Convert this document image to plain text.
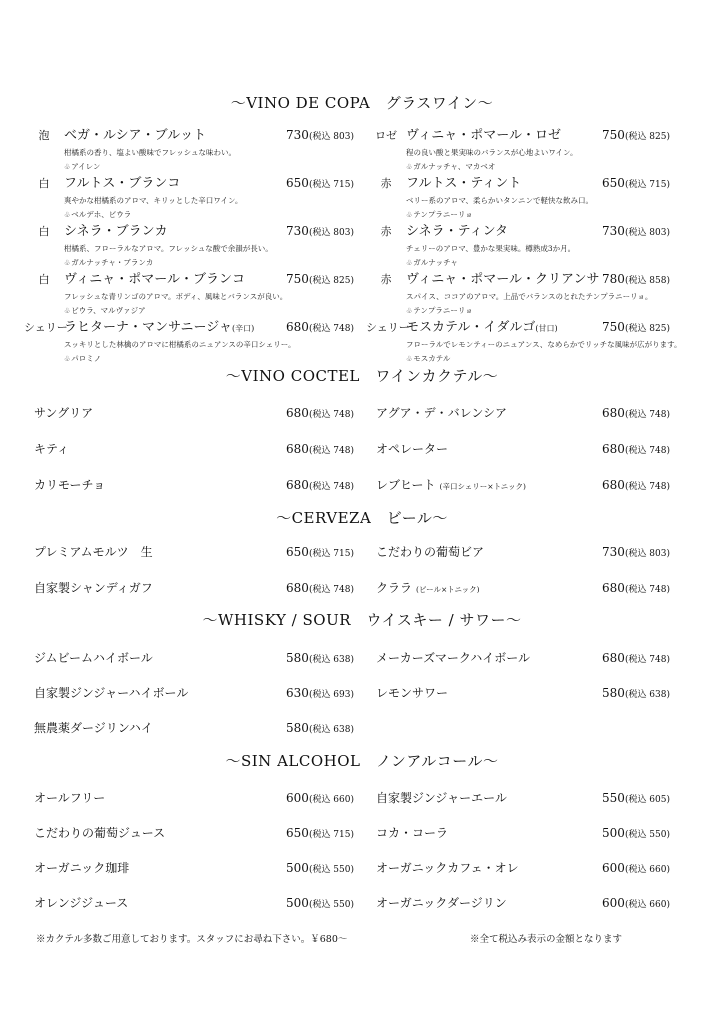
～VINO DE COPA　グラスワイン～
泡	ベガ・ルシア・ブルット	730(税込 803)
柑橘系の香り、塩よい酸味でフレッシュな味わい。
♧アイレン
白	フルトス・ブランコ	650(税込 715)
爽やかな柑橘系のアロマ、キリッとした辛口ワイン。
♧ベルデホ、ビウラ
白	シネラ・ブランカ	730(税込 803)
柑橘系、フローラルなアロマ。フレッシュな酸で余韻が長い。
♧ガルナッチャ・ブランカ
白	ヴィニャ・ポマール・ブランコ	750(税込 825)
フレッシュな青リンゴのアロマ。ボディ、風味とバランスが良い。
♧ビウラ、マルヴァジア
シェリー
ラヒターナ・マンサニージャ(辛口)	680(税込 748)
スッキリとした林檎のアロマに柑橘系のニュアンスの辛口シェリー。
♧パロミノ
ロゼ ヴィニャ・ポマール・ロゼ	750(税込 825)
程の良い酸と果実味のバランスが心地よいワイン。
♧ガルナッチャ、マカベオ
赤	フルトス・ティント	650(税込 715)
ベリー系のアロマ、柔らかいタンニンで軽快な飲み口。
♧テンプラニーリョ
赤	シネラ・ティンタ	730(税込 803)
チェリーのアロマ、豊かな果実味。樽熟成3か月。
♧ガルナッチャ
赤	ヴィニャ・ポマール・クリアンサ 780(税込 858)
スパイス、ココアのアロマ。上品でバランスのとれたテンプラニーリョ。
♧テンプラニーリョ
シェリー
モスカテル・イダルゴ(甘口)	750(税込 825)
フローラルでレモンティーのニュアンス、なめらかでリッチな風味が広がります。
♧モスカテル
～VINO COCTEL　ワインカクテル～
サングリア	680(税込 748)
キティ	680(税込 748)
カリモーチョ	680(税込 748)
アグア・デ・バレンシア	680(税込 748)
オペレーター	680(税込 748)
レブヒート (辛口シェリー×トニック)	680(税込 748)
～CERVEZA　ビール～
プレミアムモルツ　生	650(税込 715)
自家製シャンディガフ	680(税込 748)
こだわりの葡萄ビア	730(税込 803)
クララ (ビール×トニック)	680(税込 748)
～WHISKY / SOUR　ウイスキー / サワー～
ジムビームハイボール	580(税込 638)
自家製ジンジャーハイボール	630(税込 693)
無農薬ダージリンハイ	580(税込 638)
メーカーズマークハイボール	680(税込 748)
レモンサワー	580(税込 638)
～SIN ALCOHOL　ノンアルコール～
オールフリー	600(税込 660)
こだわりの葡萄ジュース	650(税込 715)
オーガニック珈琲	500(税込 550)
オレンジジュース	500(税込 550)
自家製ジンジャーエール	550(税込 605)
コカ・コーラ	500(税込 550)
オーガニックカフェ・オレ	600(税込 660)
オーガニックダージリン	600(税込 660)
※カクテル多数ご用意しております。スタッフにお尋ね下さい。￥680～	※全て税込み表示の金額となります
